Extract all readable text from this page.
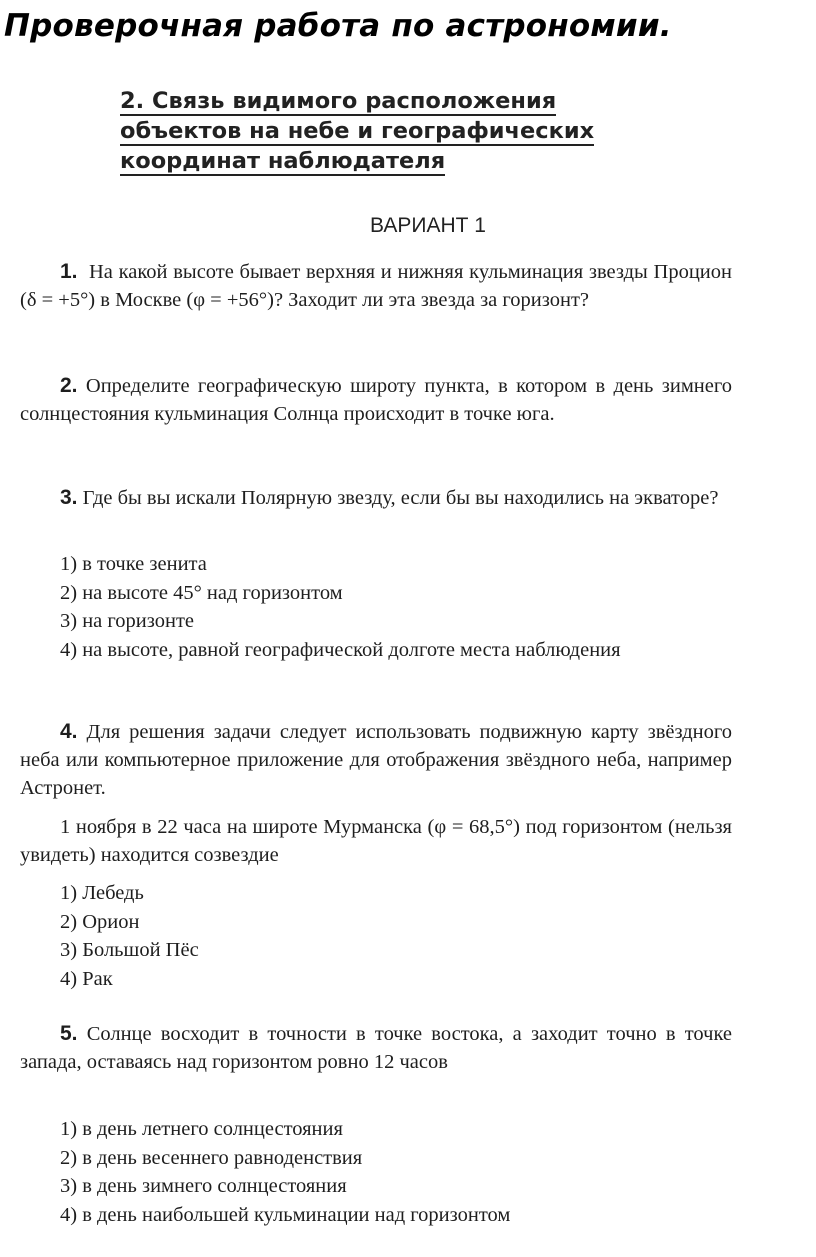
Проверочная работа по астрономии.
2. Связь видимого расположения
объектов на небе и географических
координат наблюдателя
ВАРИАНТ 1

1. На какой высоте бывает верхняя и нижняя кульминация звезды Процион (δ = +5°) в Москве (φ = +56°)? Заходит ли эта звезда за горизонт?

2. Определите географическую широту пункта, в котором в день зимнего солнцестояния кульминация Солнца происходит в точке юга.

3. Где бы вы искали Полярную звезду, если бы вы находились на экваторе?

1) в точке зенита
2) на высоте 45° над горизонтом
3) на горизонте
4) на высоте, равной географической долготе места наблюдения

4. Для решения задачи следует использовать подвижную карту звёздного неба или компьютерное приложение для отображения звёздного неба, например Астронет.

1 ноября в 22 часа на широте Мурманска (φ = 68,5°) под горизонтом (нельзя увидеть) находится созвездие

1) Лебедь
2) Орион
3) Большой Пёс
4) Рак

5. Солнце восходит в точности в точке востока, а заходит точно в точке запада, оставаясь над горизонтом ровно 12 часов

1) в день летнего солнцестояния
2) в день весеннего равноденствия
3) в день зимнего солнцестояния
4) в день наибольшей кульминации над горизонтом
